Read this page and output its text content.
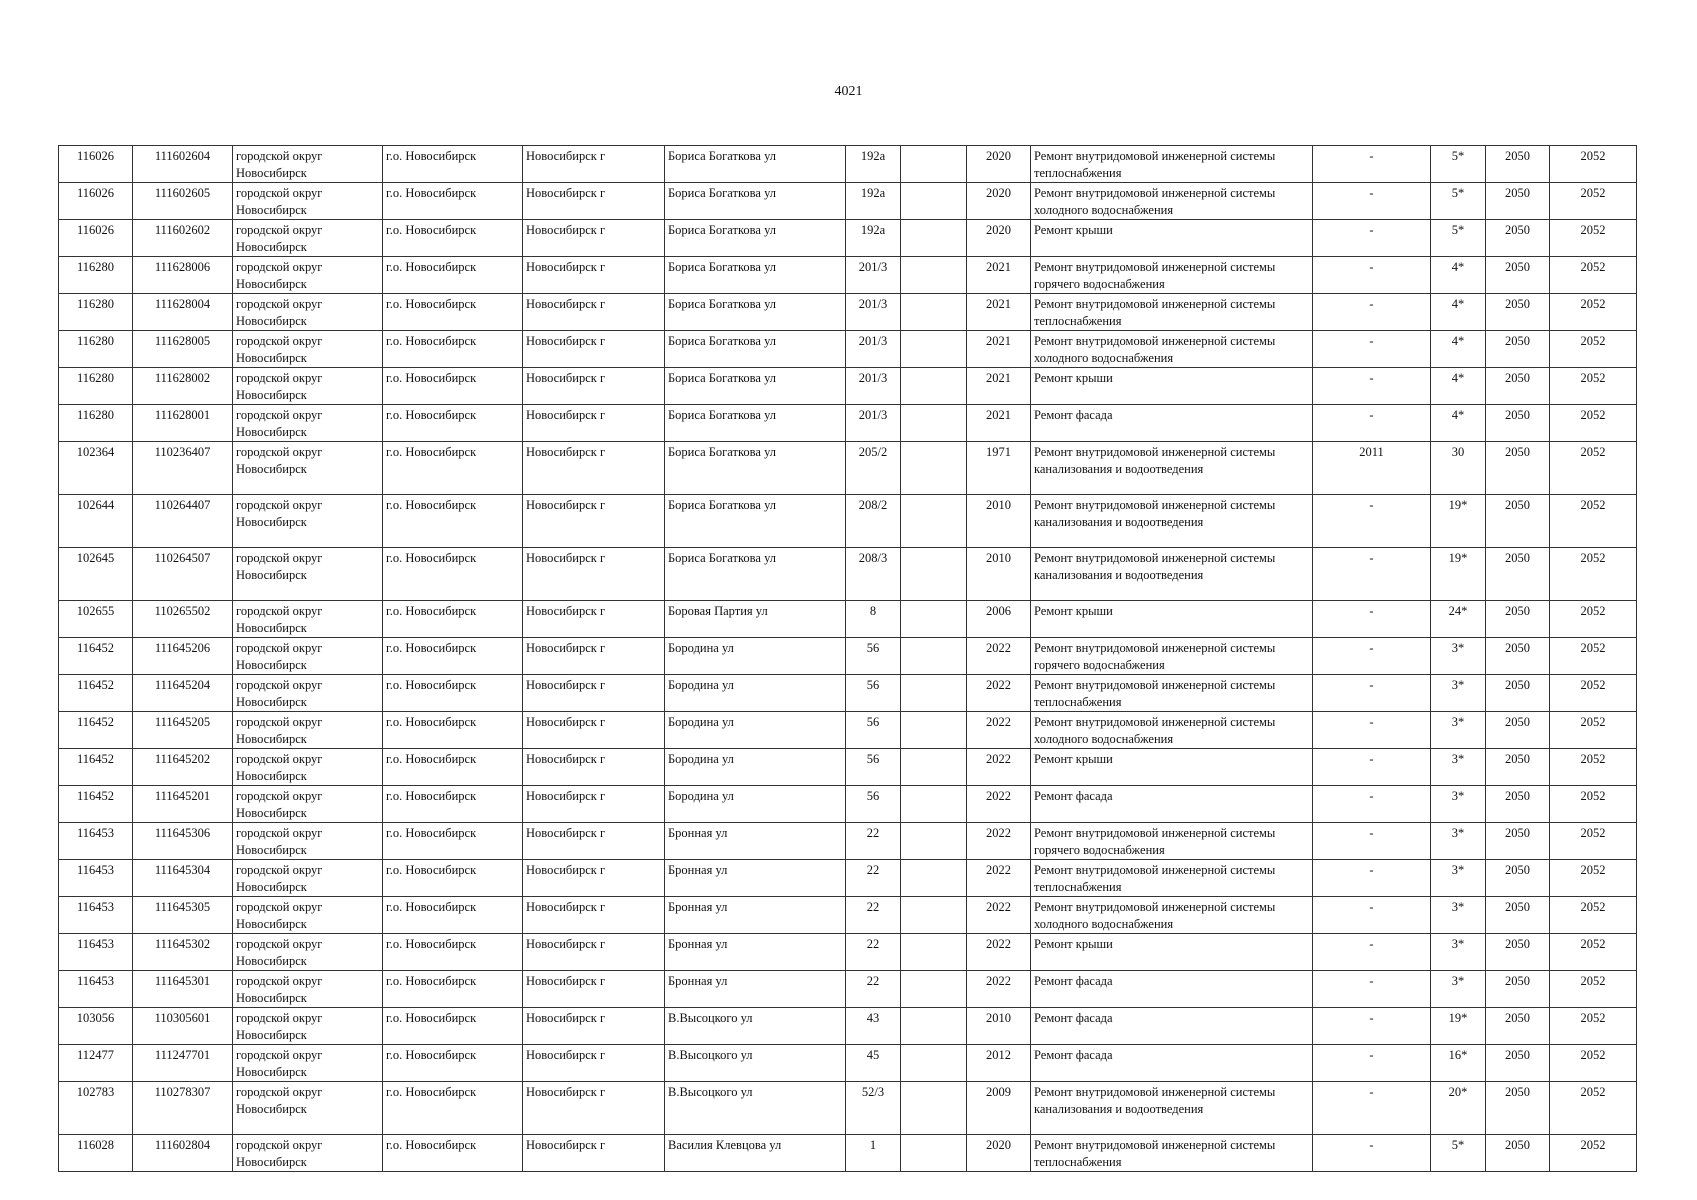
4021
116026	111602604	городской округ Новосибирск	г.о. Новосибирск	Новосибирск г	Бориса Богаткова ул	192а		2020	Ремонт внутридомовой инженерной системы теплоснабжения	-	5*	2050	2052
116026	111602605	городской округ Новосибирск	г.о. Новосибирск	Новосибирск г	Бориса Богаткова ул	192а		2020	Ремонт внутридомовой инженерной системы холодного водоснабжения	-	5*	2050	2052
116026	111602602	городской округ Новосибирск	г.о. Новосибирск	Новосибирск г	Бориса Богаткова ул	192а		2020	Ремонт крыши	-	5*	2050	2052
116280	111628006	городской округ Новосибирск	г.о. Новосибирск	Новосибирск г	Бориса Богаткова ул	201/3		2021	Ремонт внутридомовой инженерной системы горячего водоснабжения	-	4*	2050	2052
116280	111628004	городской округ Новосибирск	г.о. Новосибирск	Новосибирск г	Бориса Богаткова ул	201/3		2021	Ремонт внутридомовой инженерной системы теплоснабжения	-	4*	2050	2052
116280	111628005	городской округ Новосибирск	г.о. Новосибирск	Новосибирск г	Бориса Богаткова ул	201/3		2021	Ремонт внутридомовой инженерной системы холодного водоснабжения	-	4*	2050	2052
116280	111628002	городской округ Новосибирск	г.о. Новосибирск	Новосибирск г	Бориса Богаткова ул	201/3		2021	Ремонт крыши	-	4*	2050	2052
116280	111628001	городской округ Новосибирск	г.о. Новосибирск	Новосибирск г	Бориса Богаткова ул	201/3		2021	Ремонт фасада	-	4*	2050	2052
102364	110236407	городской округ Новосибирск	г.о. Новосибирск	Новосибирск г	Бориса Богаткова ул	205/2		1971	Ремонт внутридомовой инженерной системы канализования и водоотведения	2011	30	2050	2052
102644	110264407	городской округ Новосибирск	г.о. Новосибирск	Новосибирск г	Бориса Богаткова ул	208/2		2010	Ремонт внутридомовой инженерной системы канализования и водоотведения	-	19*	2050	2052
102645	110264507	городской округ Новосибирск	г.о. Новосибирск	Новосибирск г	Бориса Богаткова ул	208/3		2010	Ремонт внутридомовой инженерной системы канализования и водоотведения	-	19*	2050	2052
102655	110265502	городской округ Новосибирск	г.о. Новосибирск	Новосибирск г	Боровая Партия ул	8		2006	Ремонт крыши	-	24*	2050	2052
116452	111645206	городской округ Новосибирск	г.о. Новосибирск	Новосибирск г	Бородина ул	56		2022	Ремонт внутридомовой инженерной системы горячего водоснабжения	-	3*	2050	2052
116452	111645204	городской округ Новосибирск	г.о. Новосибирск	Новосибирск г	Бородина ул	56		2022	Ремонт внутридомовой инженерной системы теплоснабжения	-	3*	2050	2052
116452	111645205	городской округ Новосибирск	г.о. Новосибирск	Новосибирск г	Бородина ул	56		2022	Ремонт внутридомовой инженерной системы холодного водоснабжения	-	3*	2050	2052
116452	111645202	городской округ Новосибирск	г.о. Новосибирск	Новосибирск г	Бородина ул	56		2022	Ремонт крыши	-	3*	2050	2052
116452	111645201	городской округ Новосибирск	г.о. Новосибирск	Новосибирск г	Бородина ул	56		2022	Ремонт фасада	-	3*	2050	2052
116453	111645306	городской округ Новосибирск	г.о. Новосибирск	Новосибирск г	Бронная ул	22		2022	Ремонт внутридомовой инженерной системы горячего водоснабжения	-	3*	2050	2052
116453	111645304	городской округ Новосибирск	г.о. Новосибирск	Новосибирск г	Бронная ул	22		2022	Ремонт внутридомовой инженерной системы теплоснабжения	-	3*	2050	2052
116453	111645305	городской округ Новосибирск	г.о. Новосибирск	Новосибирск г	Бронная ул	22		2022	Ремонт внутридомовой инженерной системы холодного водоснабжения	-	3*	2050	2052
116453	111645302	городской округ Новосибирск	г.о. Новосибирск	Новосибирск г	Бронная ул	22		2022	Ремонт крыши	-	3*	2050	2052
116453	111645301	городской округ Новосибирск	г.о. Новосибирск	Новосибирск г	Бронная ул	22		2022	Ремонт фасада	-	3*	2050	2052
103056	110305601	городской округ Новосибирск	г.о. Новосибирск	Новосибирск г	В.Высоцкого ул	43		2010	Ремонт фасада	-	19*	2050	2052
112477	111247701	городской округ Новосибирск	г.о. Новосибирск	Новосибирск г	В.Высоцкого ул	45		2012	Ремонт фасада	-	16*	2050	2052
102783	110278307	городской округ Новосибирск	г.о. Новосибирск	Новосибирск г	В.Высоцкого ул	52/3		2009	Ремонт внутридомовой инженерной системы канализования и водоотведения	-	20*	2050	2052
116028	111602804	городской округ Новосибирск	г.о. Новосибирск	Новосибирск г	Василия Клевцова ул	1		2020	Ремонт внутридомовой инженерной системы теплоснабжения	-	5*	2050	2052
